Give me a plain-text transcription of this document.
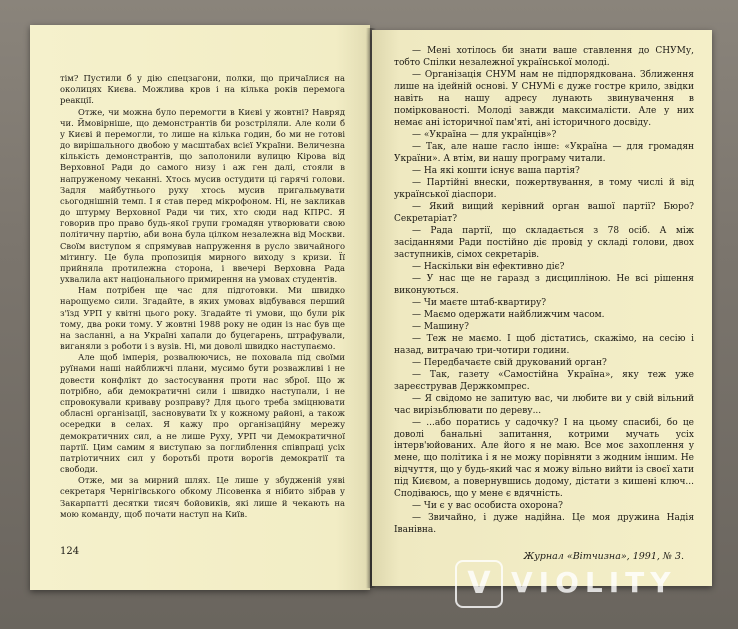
тім? Пустили б у дію спецзагони, полки, що причаїлися на околицях Києва. Можлива кров і на кілька років перемога реакції.

Отже, чи можна було перемогти в Києві у жовтні? Навряд чи. Ймовірніше, що демонстрантів би розстріляли. Але коли б у Києві й перемогли, то лише на кілька годин, бо ми не готові до вирішального двобою у масштабах всієї України. Величезна кількість демонстрантів, що заполонили вулицю Кірова від Верховної Ради до самого низу і аж ген далі, стояли в напруженому чеканні. Хтось мусив остудити ці гарячі голови. Задля майбутнього руху хтось мусив пригальмувати сьогоднішній темп. І я став перед мікрофоном. Ні, не закликав до штурму Верховної Ради чи тих, хто сюди над КПРС. Я говорив про право будь-якої групи громадян утворювати свою політичну партію, аби вона була цілком незалежна від Москви. Своїм виступом я спрямував напруження в русло звичайного мітингу. Це була пропозиція мирного виходу з кризи. Її прийняла протилежна сторона, і ввечері Верховна Рада ухвалила акт національного примирення на умовах студентів.

Нам потрібен ще час для підготовки. Ми швидко нарощуємо сили. Згадайте, в яких умовах відбувався перший з'їзд УРП у квітні цього року. Згадайте ті умови, що були рік тому, два роки тому. У жовтні 1988 року не один із нас був ще на засланні, а на Україні хапали до буцегарень, штрафували, виганяли з роботи і з вузів. Ні, ми доволі швидко наступаємо.

Але щоб імперія, розвалюючись, не поховала під своїми руїнами наші найближчі плани, мусимо бути розважливі і не довести конфлікт до застосування проти нас зброї. Що ж потрібно, аби демократичні сили і швидко наступали, і не спровокували криваву розправу? Для цього треба зміцнювати обласні організації, засновувати їх у кожному районі, а також осередки в селах. Я кажу про організаційну мережу демократичних сил, а не лише Руху, УРП чи Демократичної партії. Цим самим я виступаю за поглиблення співпраці усіх патріотичних сил у боротьбі проти ворогів демократії та свободи.

Отже, ми за мирний шлях. Це лише у збудженій уяві секретаря Чернігівського обкому Лісовенка я нібито зібрав у Закарпатті десятки тисяч бойовиків, які лише й чекають на мою команду, щоб почати наступ на Київ.

124

— Мені хотілось би знати ваше ставлення до СНУМу, тобто Спілки незалежної української молоді.

— Організація СНУМ нам не підпорядкована. Зближення лише на ідейній основі. У СНУМі є дуже гостре крило, звідки навіть на нашу адресу лунають звинувачення в поміркованості. Молоді завжди максималісти. Але у них немає ані історичної пам'яті, ані історичного досвіду.

— «Україна — для українців»?

— Так, але наше гасло інше: «Україна — для громадян України». А втім, ви нашу програму читали.

— На які кошти існує ваша партія?

— Партійні внески, пожертвування, в тому числі й від української діаспори.

— Який вищий керівний орган вашої партії? Бюро? Секретаріат?

— Рада партії, що складається з 78 осіб. А між засіданнями Ради постійно діє провід у складі голови, двох заступників, сімох секретарів.

— Наскільки він ефективно діє?

— У нас ще не гаразд з дисципліною. Не всі рішення виконуються.

— Чи маєте штаб-квартиру?

— Маємо одержати найближчим часом.

— Машину?

— Теж не маємо. І щоб дістатись, скажімо, на сесію і назад, витрачаю три-чотири години.

— Передбачаєте свій друкований орган?

— Так, газету «Самостійна Україна», яку теж уже зареєстрував Держкомпрес.

— Я свідомо не запитую вас, чи любите ви у свій вільний час вирізьблювати по дереву...

— ...або поратись у садочку? І на цьому спасибі, бо це доволі банальні запитання, котрими мучать усіх інтерв'юйованих. Але його я не маю. Все моє захоплення у мене, що політика і я не можу порівняти з жодним іншим. Не відчуття, що у будь-який час я можу вільно вийти із своєї хати під Києвом, а повернувшись додому, дістати з кишені ключ... Сподіваюсь, що у мене є вдячність.

— Чи є у вас особиста охорона?

— Звичайно, і дуже надійна. Це моя дружина Надія Іванівна.

Журнал «Вітчизна», 1991, № 3.
V VIOLITY
